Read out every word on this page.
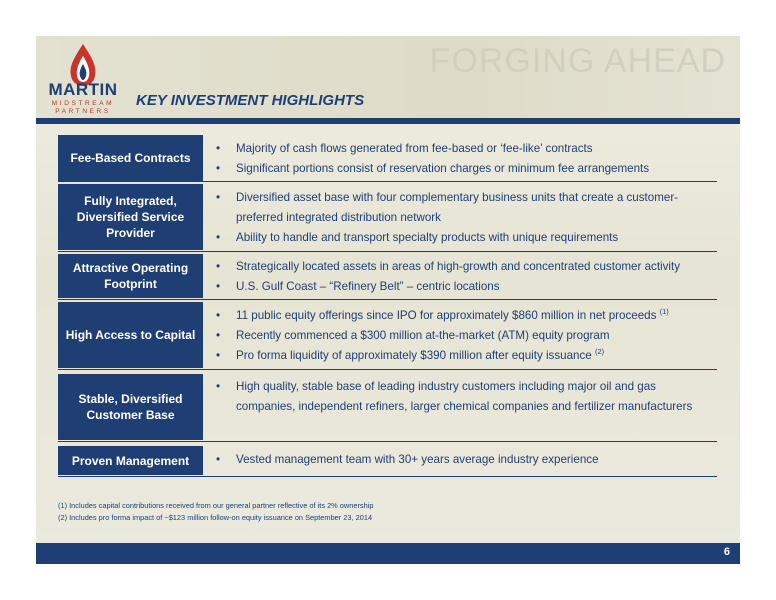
FORGING AHEAD
MARTIN
MIDSTREAM
PARTNERS
KEY INVESTMENT HIGHLIGHTS
Fee-Based Contracts
• Majority of cash flows generated from fee-based or ‘fee-like’ contracts
• Significant portions consist of reservation charges or minimum fee arrangements
Fully Integrated, Diversified Service Provider
• Diversified asset base with four complementary business units that create a customer-preferred integrated distribution network
• Ability to handle and transport specialty products with unique requirements
Attractive Operating Footprint
• Strategically located assets in areas of high-growth and concentrated customer activity
• U.S. Gulf Coast – “Refinery Belt” – centric locations
High Access to Capital
• 11 public equity offerings since IPO for approximately $860 million in net proceeds $^{(1)}$
• Recently commenced a $300 million at-the-market (ATM) equity program
• Pro forma liquidity of approximately $390 million after equity issuance $^{(2)}$
Stable, Diversified Customer Base
• High quality, stable base of leading industry customers including major oil and gas companies, independent refiners, larger chemical companies and fertilizer manufacturers
Proven Management	• Vested management team with 30+ years average industry experience
(1) Includes capital contributions received from our general partner reflective of its 2% ownership
(2) Includes pro forma impact of ~$123 million follow-on equity issuance on September 23, 2014
6
